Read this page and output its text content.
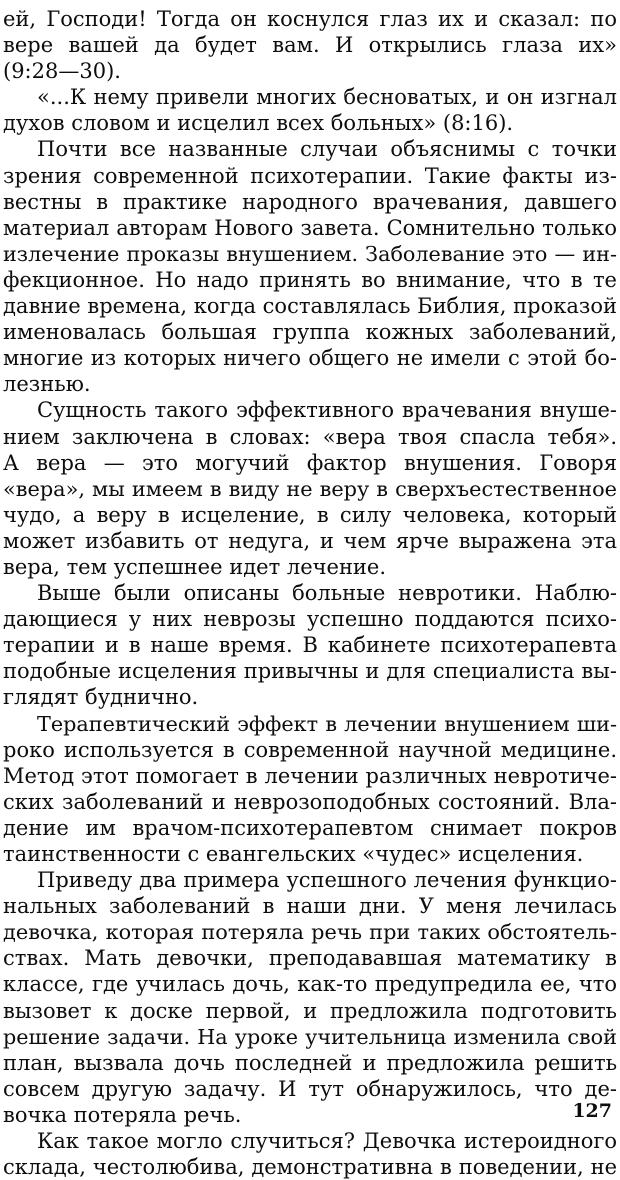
ей, Господи! Тогда он коснулся глаз их и сказал: по
вере вашей да будет вам. И открылись глаза их»
(9:28—30).
«...К нему привели многих бесноватых, и он изгнал
духов словом и исцелил всех больных» (8:16).
Почти все названные случаи объяснимы с точки
зрения современной психотерапии. Такие факты из-
вестны в практике народного врачевания, давшего
материал авторам Нового завета. Сомнительно только
излечение проказы внушением. Заболевание это — ин-
фекционное. Но надо принять во внимание, что в те
давние времена, когда составлялась Библия, проказой
именовалась большая группа кожных заболеваний,
многие из которых ничего общего не имели с этой бо-
лезнью.
Сущность такого эффективного врачевания внуше-
нием заключена в словах: «вера твоя спасла тебя».
А вера — это могучий фактор внушения. Говоря
«вера», мы имеем в виду не веру в сверхъестественное
чудо, а веру в исцеление, в силу человека, который
может избавить от недуга, и чем ярче выражена эта
вера, тем успешнее идет лечение.
Выше были описаны больные невротики. Наблю-
дающиеся у них неврозы успешно поддаются психо-
терапии и в наше время. В кабинете психотерапевта
подобные исцеления привычны и для специалиста вы-
глядят буднично.
Терапевтический эффект в лечении внушением ши-
роко используется в современной научной медицине.
Метод этот помогает в лечении различных невротиче-
ских заболеваний и неврозоподобных состояний. Вла-
дение им врачом-психотерапевтом снимает покров
таинственности с евангельских «чудес» исцеления.
Приведу два примера успешного лечения функцио-
нальных заболеваний в наши дни. У меня лечилась
девочка, которая потеряла речь при таких обстоятель-
ствах. Мать девочки, преподававшая математику в
классе, где училась дочь, как-то предупредила ее, что
вызовет к доске первой, и предложила подготовить
решение задачи. На уроке учительница изменила свой
план, вызвала дочь последней и предложила решить
совсем другую задачу. И тут обнаружилось, что де-
вочка потеряла речь.
Как такое могло случиться? Девочка истероидного
склада, честолюбива, демонстративна в поведении, не
127
